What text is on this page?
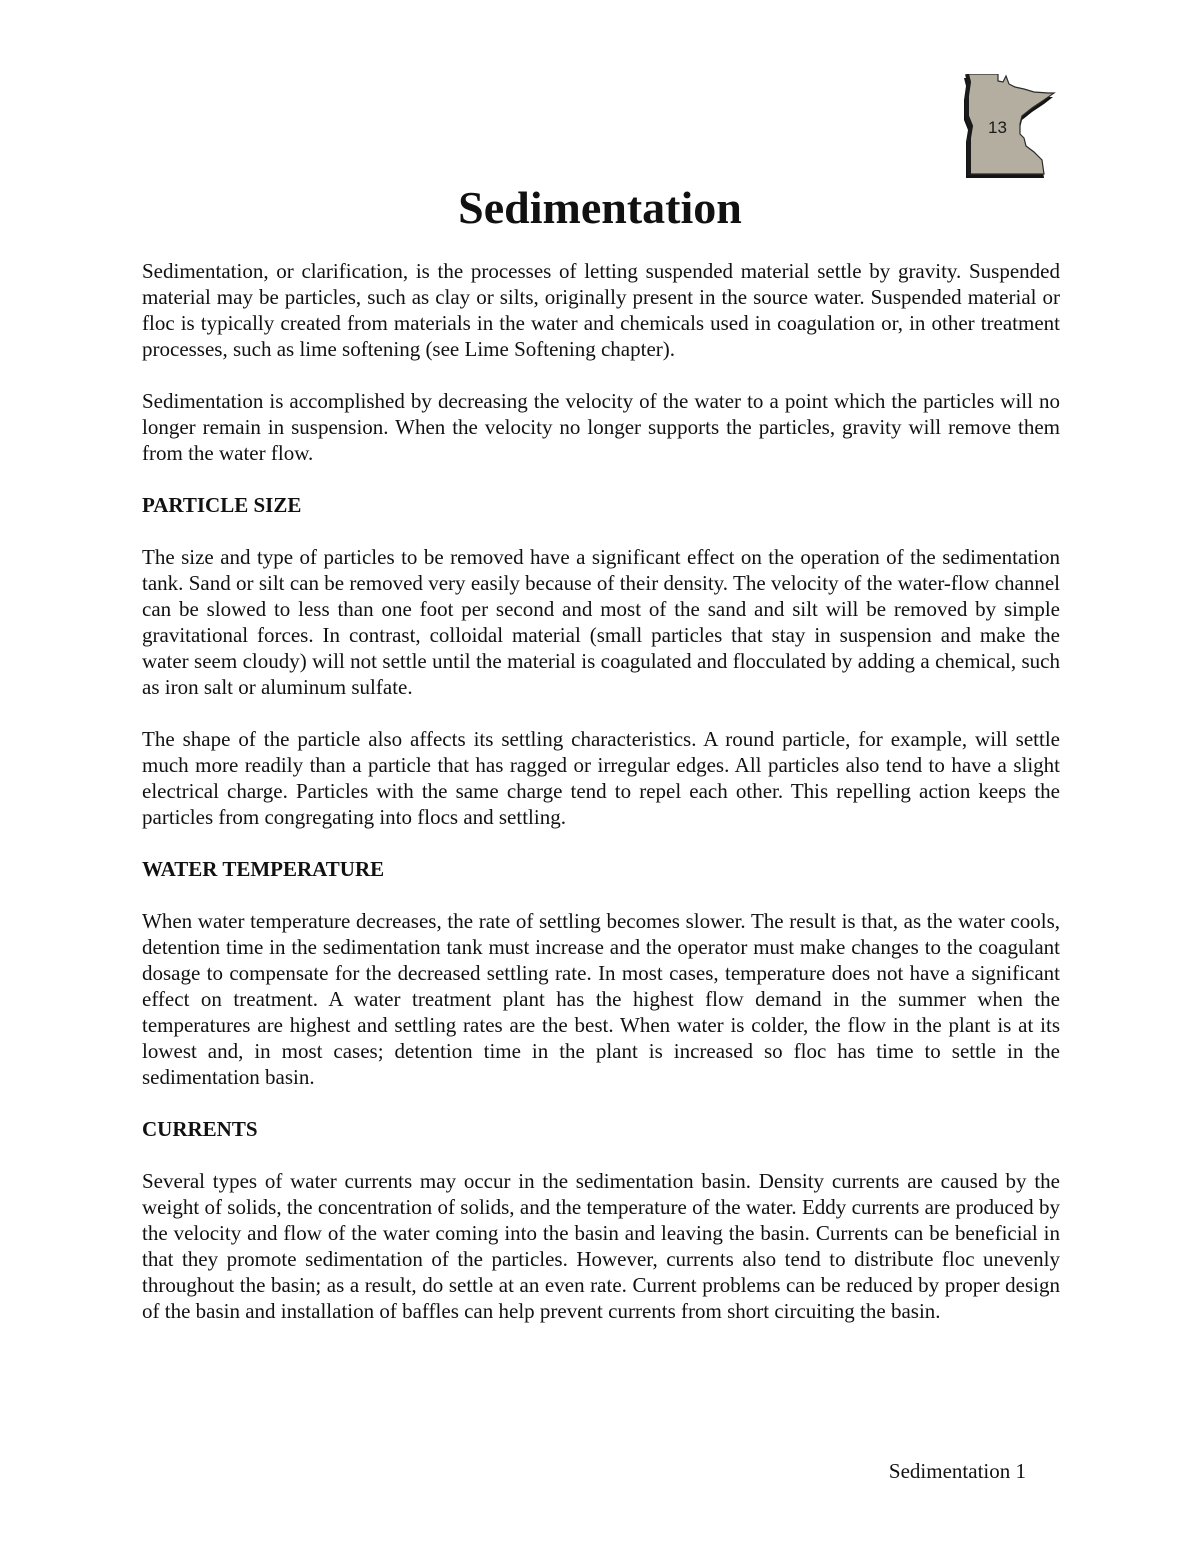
13
Sedimentation

Sedimentation, or clarification, is the processes of letting suspended material settle by gravity. Suspended material may be particles, such as clay or silts, originally present in the source water. Suspended material or floc is typically created from materials in the water and chemicals used in coagulation or, in other treatment processes, such as lime softening (see Lime Softening chapter).

Sedimentation is accomplished by decreasing the velocity of the water to a point which the particles will no longer remain in suspension. When the velocity no longer supports the particles, gravity will remove them from the water flow.

PARTICLE SIZE

The size and type of particles to be removed have a significant effect on the operation of the sedimentation tank. Sand or silt can be removed very easily because of their density. The velocity of the water-flow channel can be slowed to less than one foot per second and most of the sand and silt will be removed by simple gravitational forces. In contrast, colloidal material (small particles that stay in suspension and make the water seem cloudy) will not settle until the material is coagulated and flocculated by adding a chemical, such as iron salt or aluminum sulfate.

The shape of the particle also affects its settling characteristics. A round particle, for example, will settle much more readily than a particle that has ragged or irregular edges. All particles also tend to have a slight electrical charge. Particles with the same charge tend to repel each other. This repelling action keeps the particles from congregating into flocs and settling.

WATER TEMPERATURE

When water temperature decreases, the rate of settling becomes slower. The result is that, as the water cools, detention time in the sedimentation tank must increase and the operator must make changes to the coagulant dosage to compensate for the decreased settling rate. In most cases, temperature does not have a significant effect on treatment. A water treatment plant has the highest flow demand in the summer when the temperatures are highest and settling rates are the best. When water is colder, the flow in the plant is at its lowest and, in most cases; detention time in the plant is increased so floc has time to settle in the sedimentation basin.

CURRENTS

Several types of water currents may occur in the sedimentation basin. Density currents are caused by the weight of solids, the concentration of solids, and the temperature of the water. Eddy currents are produced by the velocity and flow of the water coming into the basin and leaving the basin. Currents can be beneficial in that they promote sedimentation of the particles. However, currents also tend to distribute floc unevenly throughout the basin; as a result, do settle at an even rate. Current problems can be reduced by proper design of the basin and installation of baffles can help prevent currents from short circuiting the basin.

Sedimentation 1
